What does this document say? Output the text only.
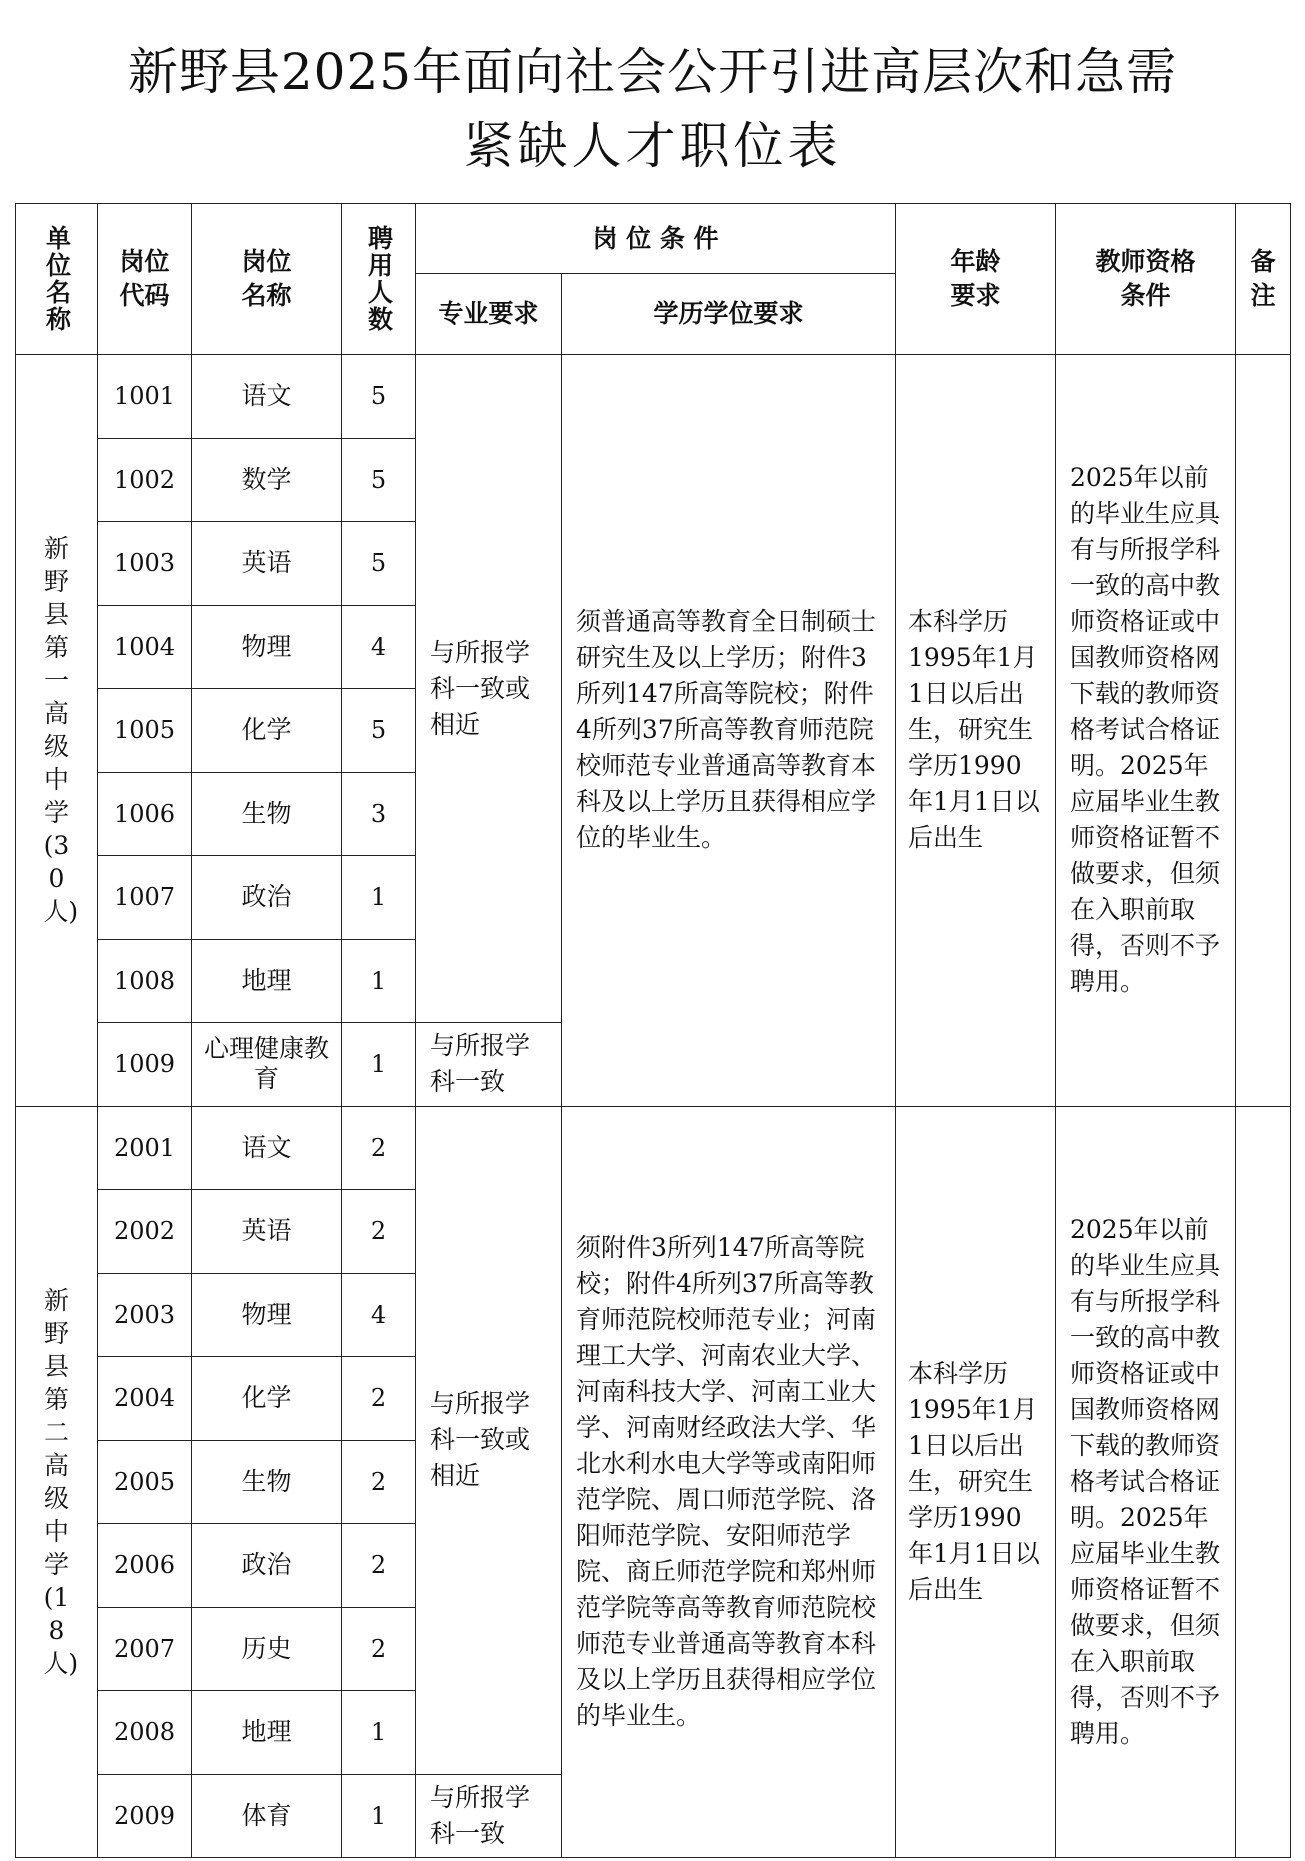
新野县2025年面向社会公开引进高层次和急需
紧缺人才职位表
单位名称	岗位代码	岗位名称	聘用人数	岗 位 条 件		年龄要求	教师资格条件	备注

				专业要求	学历学位要求			

新野县第一高级中学(30人)	1001	语文	5	与所报学科一致或相近	须普通高等教育全日制硕士研究生及以上学历；附件3所列147所高等院校；附件4所列37所高等教育师范院校师范专业普通高等教育本科及以上学历且获得相应学位的毕业生。	本科学历1995年1月1日以后出生，研究生学历1990年1月1日以后出生	2025年以前的毕业生应具有与所报学科一致的高中教师资格证或中国教师资格网下载的教师资格考试合格证明。2025年应届毕业生教师资格证暂不做要求，但须在入职前取得，否则不予聘用。	
	1002	数学	5					
	1003	英语	5					
	1004	物理	4					
	1005	化学	5					
	1006	生物	3					
	1007	政治	1					
	1008	地理	1					
	1009	心理健康教育	1	与所报学科一致				

新野县第二高级中学(18人)	2001	语文	2	与所报学科一致或相近	须附件3所列147所高等院校；附件4所列37所高等教育师范院校师范专业；河南理工大学、河南农业大学、河南科技大学、河南工业大学、河南财经政法大学、华北水利水电大学等或南阳师范学院、周口师范学院、洛阳师范学院、安阳师范学院、商丘师范学院和郑州师范学院等高等教育师范院校师范专业普通高等教育本科及以上学历且获得相应学位的毕业生。	本科学历1995年1月1日以后出生，研究生学历1990年1月1日以后出生	2025年以前的毕业生应具有与所报学科一致的高中教师资格证或中国教师资格网下载的教师资格考试合格证明。2025年应届毕业生教师资格证暂不做要求，但须在入职前取得，否则不予聘用。	
	2002	英语	2					
	2003	物理	4					
	2004	化学	2					
	2005	生物	2					
	2006	政治	2					
	2007	历史	2					
	2008	地理	1					
	2009	体育	1	与所报学科一致				
